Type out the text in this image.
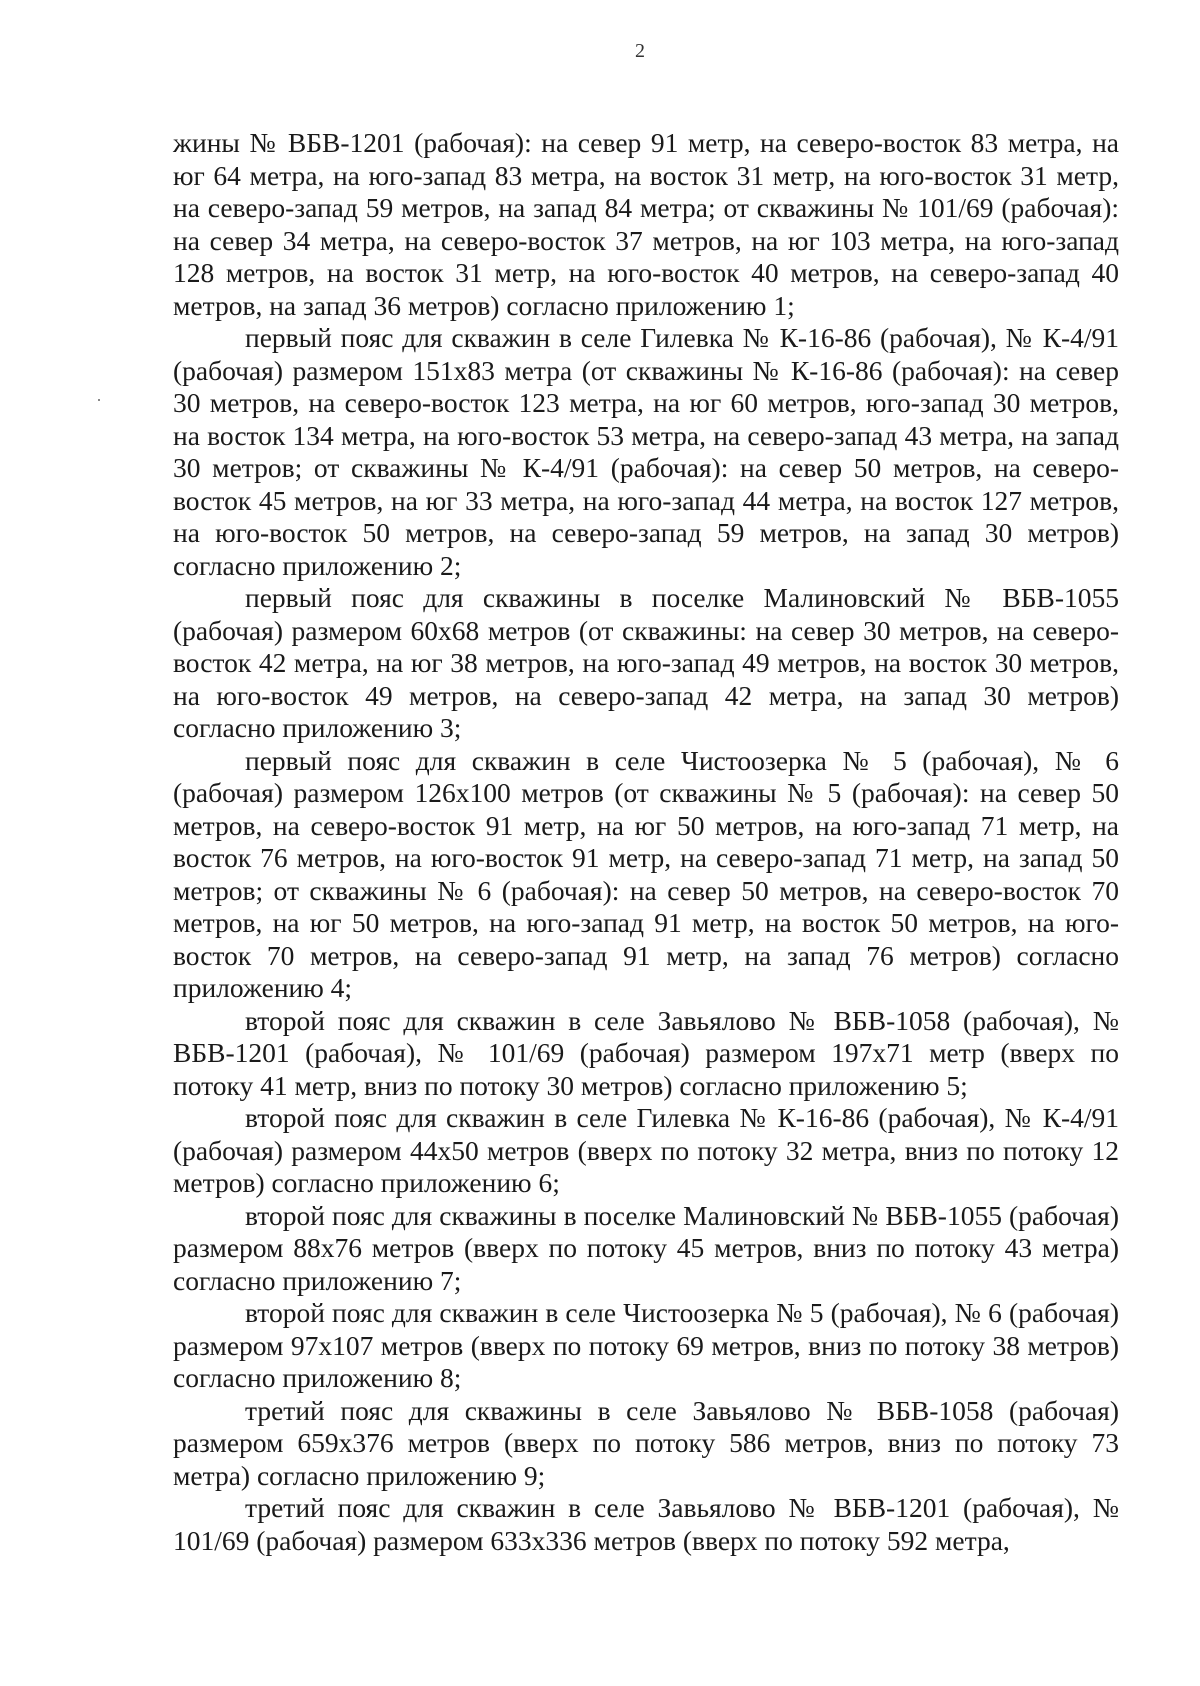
2

жины № ВБВ-1201 (рабочая): на север 91 метр, на северо-восток 83 метра, на юг 64 метра, на юго-запад 83 метра, на восток 31 метр, на юго-восток 31 метр, на северо-запад 59 метров, на запад 84 метра; от скважины № 101/69 (рабочая): на север 34 метра, на северо-восток 37 метров, на юг 103 метра, на юго-запад 128 метров, на восток 31 метр, на юго-восток 40 метров, на северо-запад 40 метров, на запад 36 метров) согласно приложению 1;

первый пояс для скважин в селе Гилевка № К-16-86 (рабочая), № К-4/91 (рабочая) размером 151х83 метра (от скважины № К-16-86 (рабочая): на север 30 метров, на северо-восток 123 метра, на юг 60 метров, юго-запад 30 метров, на восток 134 метра, на юго-восток 53 метра, на северо-запад 43 метра, на запад 30 метров; от скважины № К-4/91 (рабочая): на север 50 метров, на северо-восток 45 метров, на юг 33 метра, на юго-запад 44 метра, на восток 127 метров, на юго-восток 50 метров, на северо-запад 59 метров, на запад 30 метров) согласно приложению 2;

первый пояс для скважины в поселке Малиновский № ВБВ-1055 (рабочая) размером 60х68 метров (от скважины: на север 30 метров, на северо-восток 42 метра, на юг 38 метров, на юго-запад 49 метров, на восток 30 метров, на юго-восток 49 метров, на северо-запад 42 метра, на запад 30 метров) согласно приложению 3;

первый пояс для скважин в селе Чистоозерка № 5 (рабочая), № 6 (рабочая) размером 126х100 метров (от скважины № 5 (рабочая): на север 50 метров, на северо-восток 91 метр, на юг 50 метров, на юго-запад 71 метр, на восток 76 метров, на юго-восток 91 метр, на северо-запад 71 метр, на запад 50 метров; от скважины № 6 (рабочая): на север 50 метров, на северо-восток 70 метров, на юг 50 метров, на юго-запад 91 метр, на восток 50 метров, на юго-восток 70 метров, на северо-запад 91 метр, на запад 76 метров) согласно приложению 4;

второй пояс для скважин в селе Завьялово № ВБВ-1058 (рабочая), № ВБВ-1201 (рабочая), № 101/69 (рабочая) размером 197х71 метр (вверх по потоку 41 метр, вниз по потоку 30 метров) согласно приложению 5;

второй пояс для скважин в селе Гилевка № К-16-86 (рабочая), № К-4/91 (рабочая) размером 44х50 метров (вверх по потоку 32 метра, вниз по потоку 12 метров) согласно приложению 6;

второй пояс для скважины в поселке Малиновский № ВБВ-1055 (рабочая) размером 88х76 метров (вверх по потоку 45 метров, вниз по потоку 43 метра) согласно приложению 7;

второй пояс для скважин в селе Чистоозерка № 5 (рабочая), № 6 (рабочая) размером 97х107 метров (вверх по потоку 69 метров, вниз по потоку 38 метров) согласно приложению 8;

третий пояс для скважины в селе Завьялово № ВБВ-1058 (рабочая) размером 659х376 метров (вверх по потоку 586 метров, вниз по потоку 73 метра) согласно приложению 9;

третий пояс для скважин в селе Завьялово № ВБВ-1201 (рабочая), № 101/69 (рабочая) размером 633х336 метров (вверх по потоку 592 метра,
